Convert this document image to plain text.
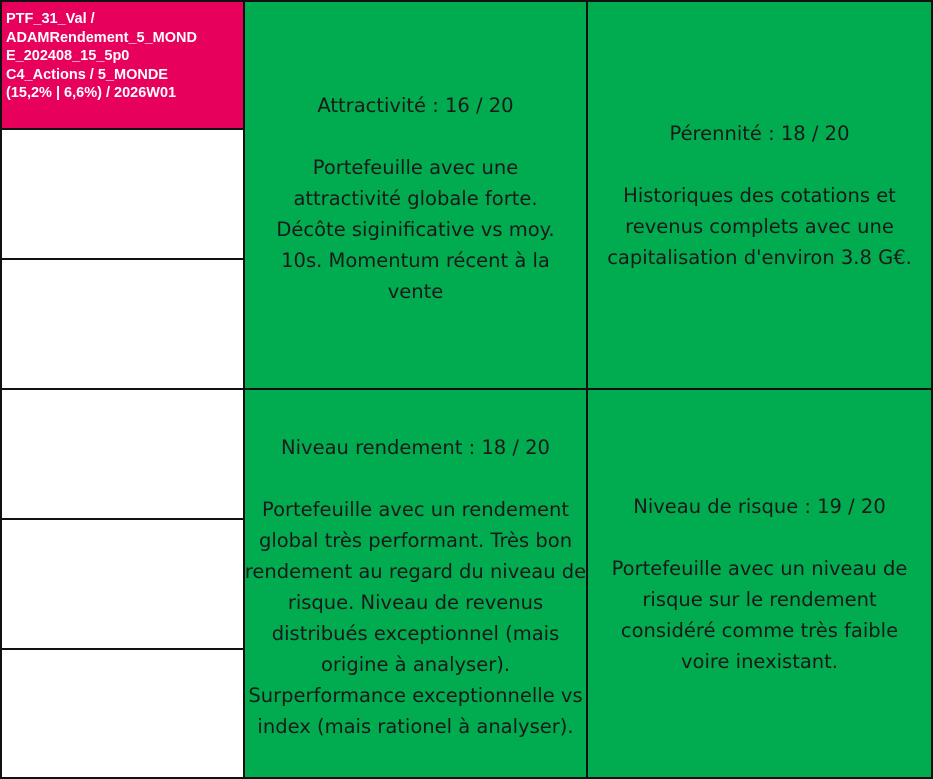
PTF_31_Val /
ADAMRendement_5_MOND
E_202408_15_5p0
C4_Actions / 5_MONDE
(15,2% | 6,6%) / 2026W01

Attractivité : 16 / 20

Portefeuille avec une attractivité globale forte. Décôte siginificative vs moy. 10s. Momentum récent à la vente

Pérennité : 18 / 20

Historiques des cotations et revenus complets avec une capitalisation d'environ 3.8 G€.

Niveau rendement : 18 / 20

Portefeuille avec un rendement global très performant. Très bon rendement au regard du niveau de risque. Niveau de revenus distribués exceptionnel (mais origine à analyser). Surperformance exceptionnelle vs index (mais rationel à analyser).

Niveau de risque : 19 / 20

Portefeuille avec un niveau de risque sur le rendement considéré comme très faible voire inexistant.
